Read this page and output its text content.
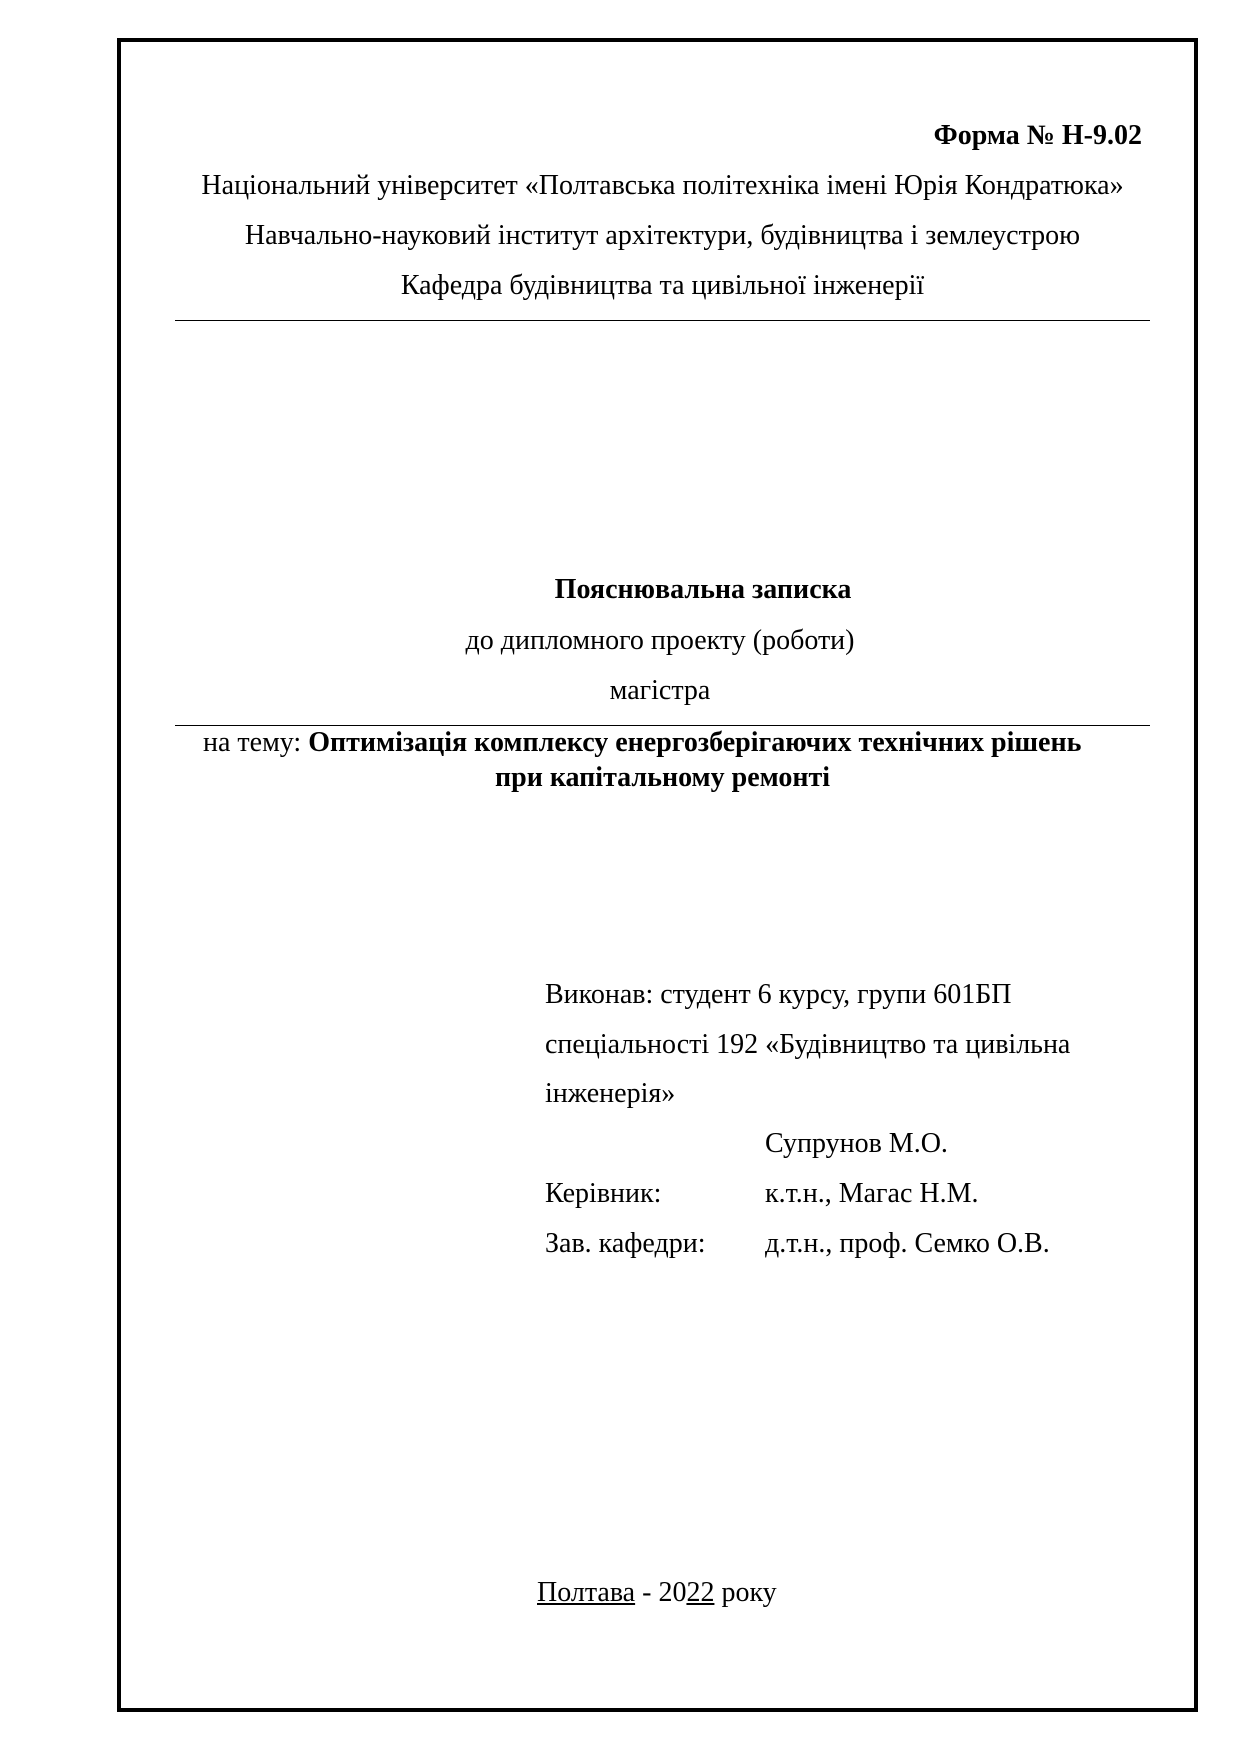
Форма № Н-9.02
Національний університет «Полтавська політехніка імені Юрія Кондратюка»
Навчально-науковий інститут архітектури, будівництва і землеустрою
Кафедра будівництва та цивільної інженерії
Пояснювальна записка
до дипломного проекту (роботи)
магістра
на тему: Оптимізація комплексу енергозберігаючих технічних рішень
при капітальному ремонті
Виконав: студент 6 курсу, групи 601БП
спеціальності 192 «Будівництво та цивільна
інженерія»
Супрунов М.О.
Керівник:	к.т.н., Магас Н.М.
Зав. кафедри: д.т.н., проф. Семко О.В.
Полтава - 2022 року
